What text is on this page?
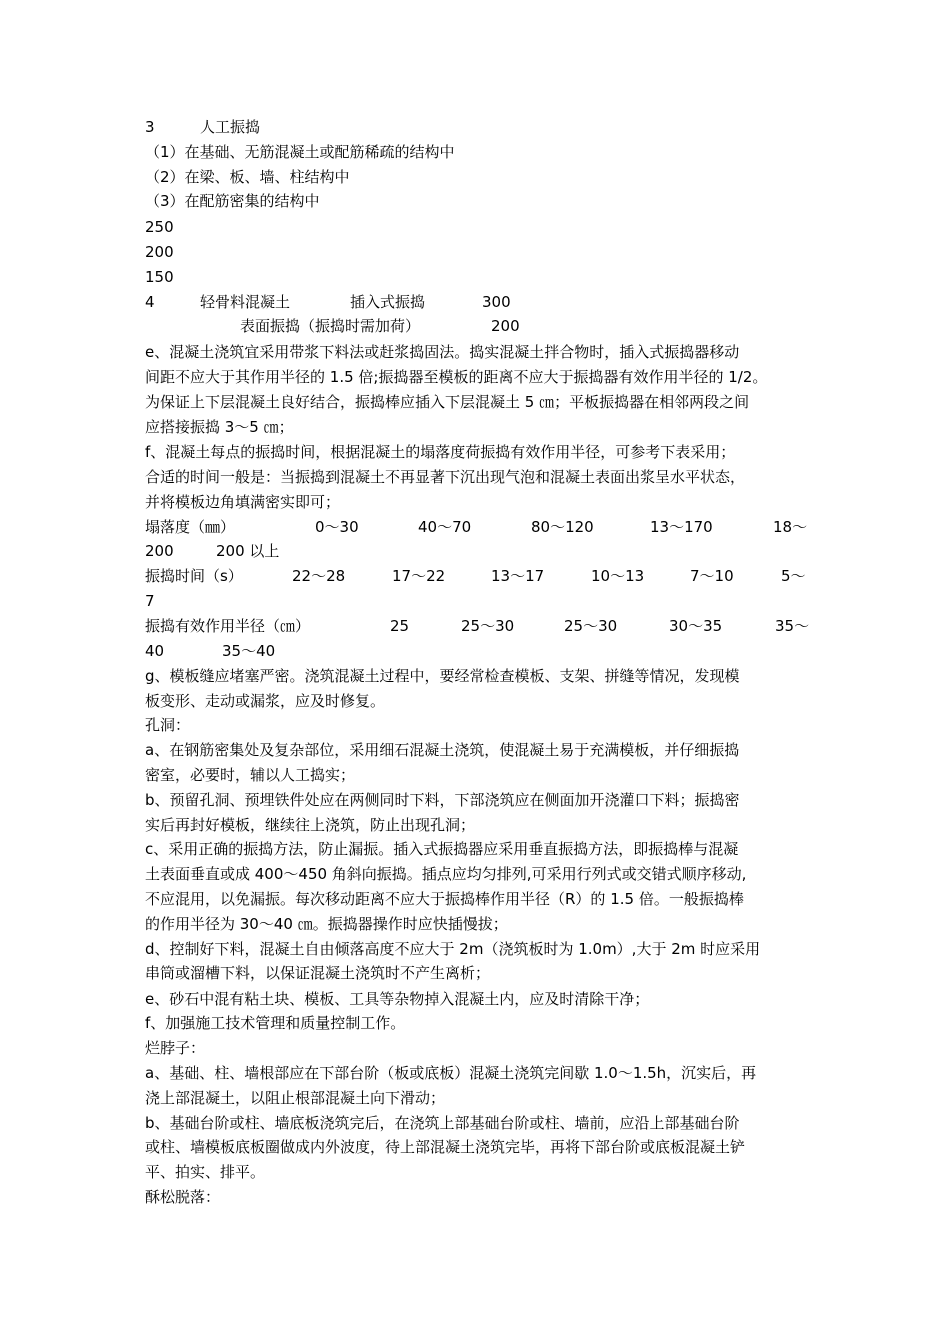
3	人工振捣
（1）在基础、无筋混凝土或配筋稀疏的结构中
（2）在梁、板、墙、柱结构中
（3）在配筋密集的结构中
250
200
150
4	轻骨料混凝土	插入式振捣	300
表面振捣（振捣时需加荷）	200
e、混凝土浇筑宜采用带浆下料法或赶浆捣固法。捣实混凝土拌合物时，插入式振捣器移动
间距不应大于其作用半径的 1.5 倍;振捣器至模板的距离不应大于振捣器有效作用半径的 1/2。
为保证上下层混凝土良好结合，振捣棒应插入下层混凝土 5 ㎝；平板振捣器在相邻两段之间
应搭接振捣 3～5 ㎝；
f、混凝土每点的振捣时间，根据混凝土的塌落度荷振捣有效作用半径，可参考下表采用；
合适的时间一般是：当振捣到混凝土不再显著下沉出现气泡和混凝土表面出浆呈水平状态，
并将模板边角填满密实即可；
塌落度（㎜）	0～30	40～70	80～120	13～170	18～
200	200 以上
振捣时间（s）	22～28	17～22	13～17	10～13	7～10	5～
7
振捣有效作用半径（㎝）	25	25～30	25～30	30～35	35～
40	35～40
g、模板缝应堵塞严密。浇筑混凝土过程中，要经常检查模板、支架、拼缝等情况，发现模
板变形、走动或漏浆，应及时修复。
孔洞：
a、在钢筋密集处及复杂部位，采用细石混凝土浇筑，使混凝土易于充满模板，并仔细振捣
密室，必要时，辅以人工捣实；
b、预留孔洞、预埋铁件处应在两侧同时下料，下部浇筑应在侧面加开浇灌口下料；振捣密
实后再封好模板，继续往上浇筑，防止出现孔洞；
c、采用正确的振捣方法，防止漏振。插入式振捣器应采用垂直振捣方法，即振捣棒与混凝
土表面垂直或成 400～450 角斜向振捣。插点应均匀排列,可采用行列式或交错式顺序移动,
不应混用，以免漏振。每次移动距离不应大于振捣棒作用半径（R）的 1.5 倍。一般振捣棒
的作用半径为 30～40 ㎝。振捣器操作时应快插慢拔；
d、控制好下料，混凝土自由倾落高度不应大于 2m（浇筑板时为 1.0m）,大于 2m 时应采用
串筒或溜槽下料，以保证混凝土浇筑时不产生离析；
e、砂石中混有粘土块、模板、工具等杂物掉入混凝土内，应及时清除干净；
f、加强施工技术管理和质量控制工作。
烂脖子：
a、基础、柱、墙根部应在下部台阶（板或底板）混凝土浇筑完间歇 1.0～1.5h，沉实后，再
浇上部混凝土，以阻止根部混凝土向下滑动；
b、基础台阶或柱、墙底板浇筑完后，在浇筑上部基础台阶或柱、墙前，应沿上部基础台阶
或柱、墙模板底板圈做成内外波度，待上部混凝土浇筑完毕，再将下部台阶或底板混凝土铲
平、拍实、排平。
酥松脱落：
